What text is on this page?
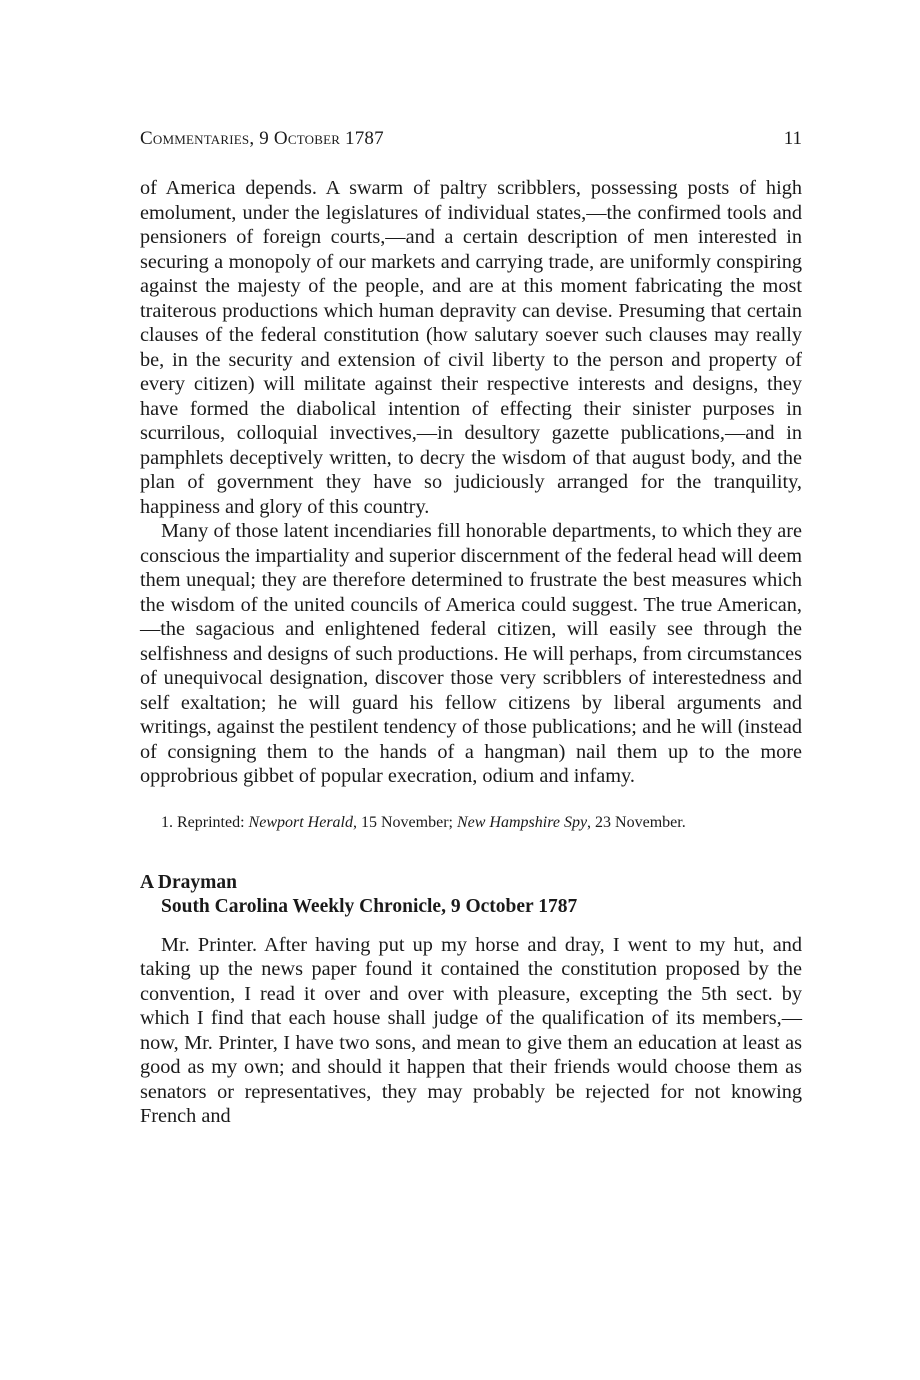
Commentaries, 9 October 1787	11

of America depends. A swarm of paltry scribblers, possessing posts of high emolument, under the legislatures of individual states,—the confirmed tools and pensioners of foreign courts,—and a certain description of men interested in securing a monopoly of our markets and carrying trade, are uniformly conspiring against the majesty of the people, and are at this moment fabricating the most traiterous productions which human depravity can devise. Presuming that certain clauses of the federal constitution (how salutary soever such clauses may really be, in the security and extension of civil liberty to the person and property of every citizen) will militate against their respective interests and designs, they have formed the diabolical intention of effecting their sinister purposes in scurrilous, colloquial invectives,—in desultory gazette publications,—and in pamphlets deceptively written, to decry the wisdom of that august body, and the plan of government they have so judiciously arranged for the tranquility, happiness and glory of this country.

Many of those latent incendiaries fill honorable departments, to which they are conscious the impartiality and superior discernment of the federal head will deem them unequal; they are therefore determined to frustrate the best measures which the wisdom of the united councils of America could suggest. The true American,—the sagacious and enlightened federal citizen, will easily see through the selfishness and designs of such productions. He will perhaps, from circumstances of unequivocal designation, discover those very scribblers of interestedness and self exaltation; he will guard his fellow citizens by liberal arguments and writings, against the pestilent tendency of those publications; and he will (instead of consigning them to the hands of a hangman) nail them up to the more opprobrious gibbet of popular execration, odium and infamy.

1. Reprinted: Newport Herald, 15 November; New Hampshire Spy, 23 November.
A Drayman
South Carolina Weekly Chronicle, 9 October 1787

Mr. Printer. After having put up my horse and dray, I went to my hut, and taking up the news paper found it contained the constitution proposed by the convention, I read it over and over with pleasure, excepting the 5th sect. by which I find that each house shall judge of the qualification of its members,—now, Mr. Printer, I have two sons, and mean to give them an education at least as good as my own; and should it happen that their friends would choose them as senators or representatives, they may probably be rejected for not knowing French and
